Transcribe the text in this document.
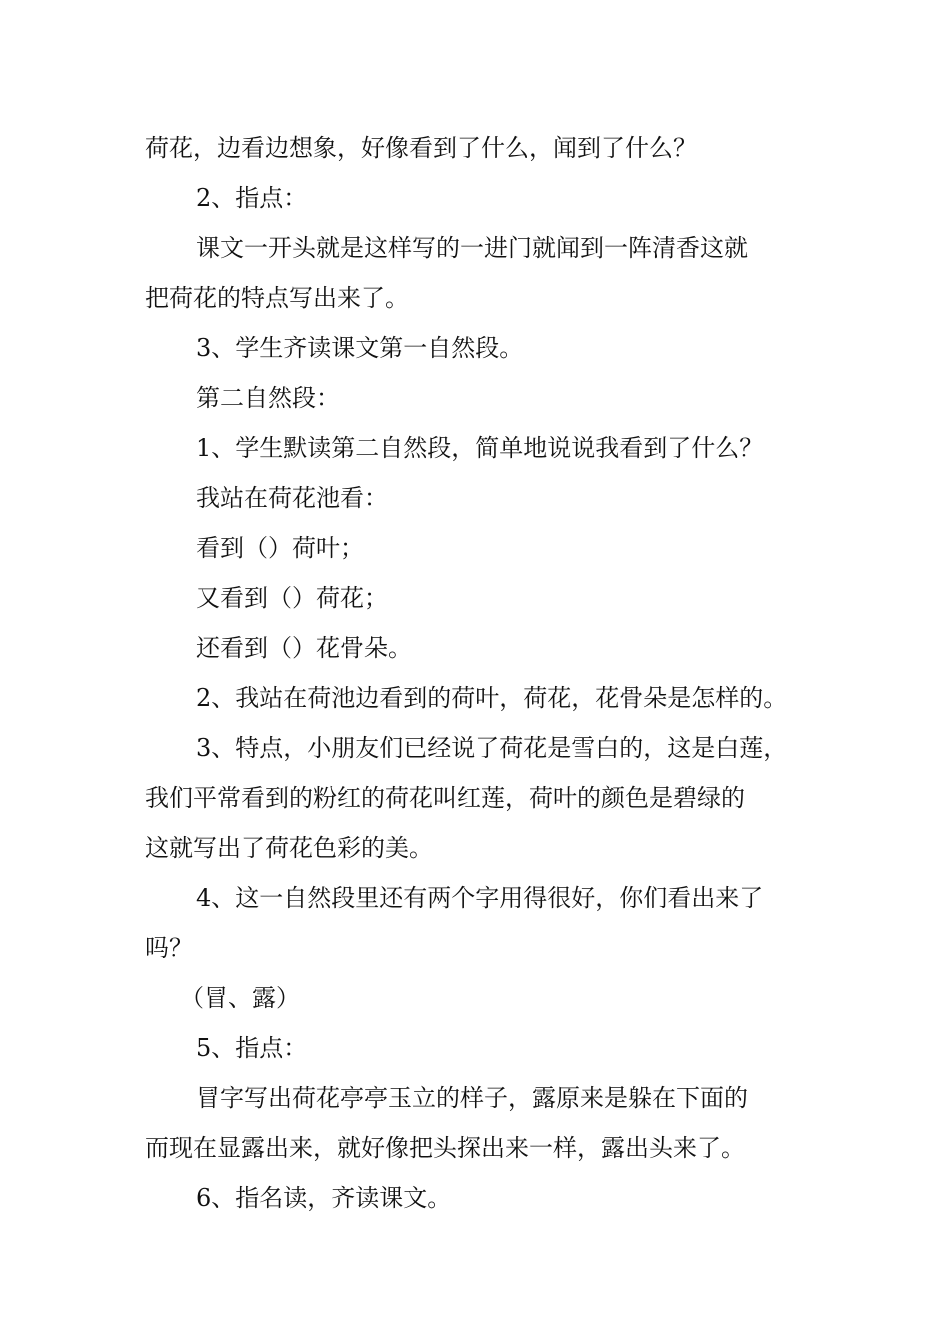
荷花，边看边想象，好像看到了什么，闻到了什么？

2、指点：

课文一开头就是这样写的一进门就闻到一阵清香这就

把荷花的特点写出来了。

3、学生齐读课文第一自然段。

第二自然段：

1、学生默读第二自然段，简单地说说我看到了什么？

我站在荷花池看：

看到（）荷叶；

又看到（）荷花；

还看到（）花骨朵。

2、我站在荷池边看到的荷叶，荷花，花骨朵是怎样的。

3、特点，小朋友们已经说了荷花是雪白的，这是白莲，

我们平常看到的粉红的荷花叫红莲，荷叶的颜色是碧绿的

这就写出了荷花色彩的美。

4、这一自然段里还有两个字用得很好，你们看出来了

吗？

（冒、露）

5、指点：

冒字写出荷花亭亭玉立的样子，露原来是躲在下面的

而现在显露出来，就好像把头探出来一样，露出头来了。

6、指名读，齐读课文。
